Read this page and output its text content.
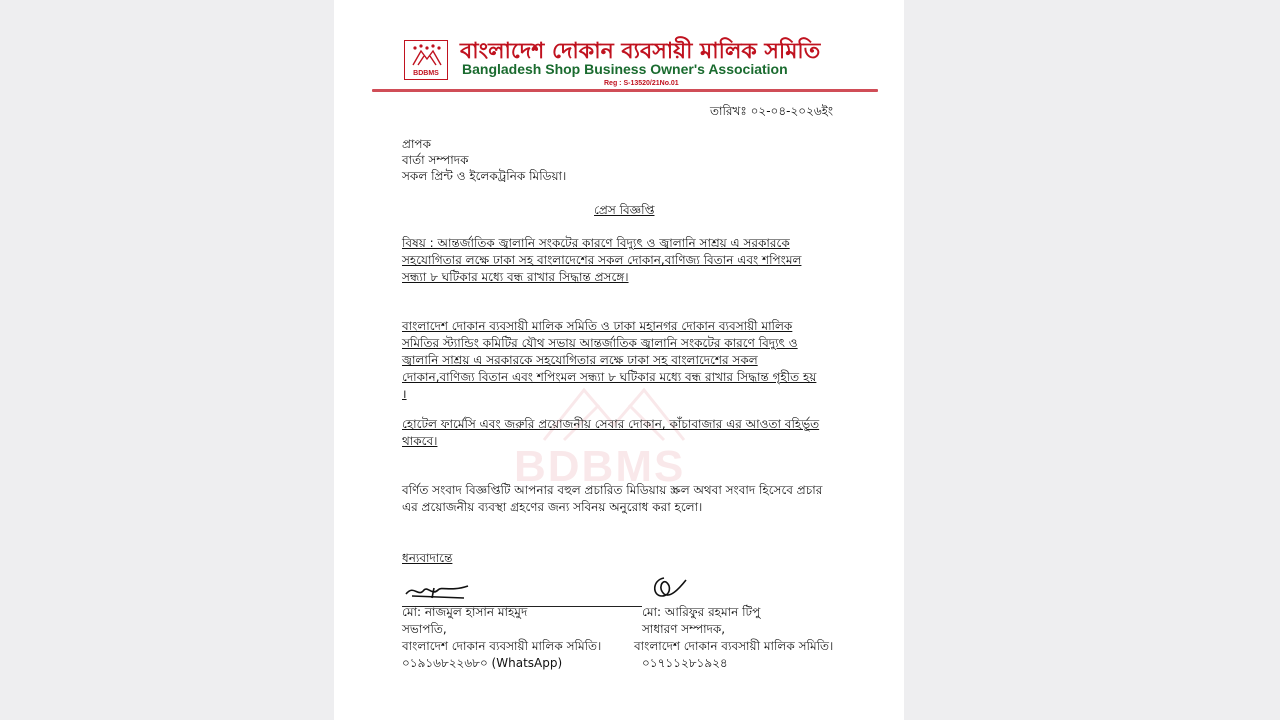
BDBMS
BDBMS
বাংলাদেশ দোকান ব্যবসায়ী মালিক সমিতি
Bangladesh Shop Business Owner's Association
Reg : S-13520/21No.01
তারিখঃ ০২-০৪-২০২৬ইং
প্রাপক
বার্তা সম্পাদক
সকল প্রিন্ট ও ইলেকট্রনিক মিডিয়া।
প্রেস বিজ্ঞপ্তি
বিষয় : আন্তর্জাতিক জ্বালানি সংকটের কারণে বিদ্যুৎ ও জ্বালানি সাশ্রয় এ সরকারকে
সহযোগিতার লক্ষে ঢাকা সহ বাংলাদেশের সকল দোকান,বাণিজ্য বিতান এবং শপিংমল
সন্ধ্যা ৮ ঘটিকার মধ্যে বন্ধ রাখার সিদ্ধান্ত প্রসঙ্গে।
বাংলাদেশ দোকান ব্যবসায়ী মালিক সমিতি ও ঢাকা মহানগর দোকান ব্যবসায়ী মালিক
সমিতির স্ট্যান্ডিং কমিটির যৌথ সভায় আন্তর্জাতিক জ্বালানি সংকটের কারণে বিদ্যুৎ ও
জ্বালানি সাশ্রয় এ সরকারকে সহযোগিতার লক্ষে ঢাকা সহ বাংলাদেশের সকল
দোকান,বাণিজ্য বিতান এবং শপিংমল সন্ধ্যা ৮ ঘটিকার মধ্যে বন্ধ রাখার সিদ্ধান্ত গৃহীত হয়
।
হোটেল ফার্মেসি এবং জরুরি প্রয়োজনীয় সেবার দোকান, কাঁচাবাজার এর আওতা বহির্ভূত
থাকবে।
বর্ণিত সংবাদ বিজ্ঞপ্তিটি আপনার বহুল প্রচারিত মিডিয়ায় স্ক্রল অথবা সংবাদ হিসেবে প্রচার
এর প্রয়োজনীয় ব্যবস্থা গ্রহণের জন্য সবিনয় অনুরোধ করা হলো।
ধন্যবাদান্তে
মো: নাজমুল হাসান মাহমুদ
সভাপতি,
বাংলাদেশ দোকান ব্যবসায়ী মালিক সমিতি।
০১৯১৬৮২২৬৮০ (WhatsApp)
মো: আরিফুর রহমান টিপু
সাধারণ সম্পাদক,
বাংলাদেশ দোকান ব্যবসায়ী মালিক সমিতি।
০১৭১১২৮১৯২৪
